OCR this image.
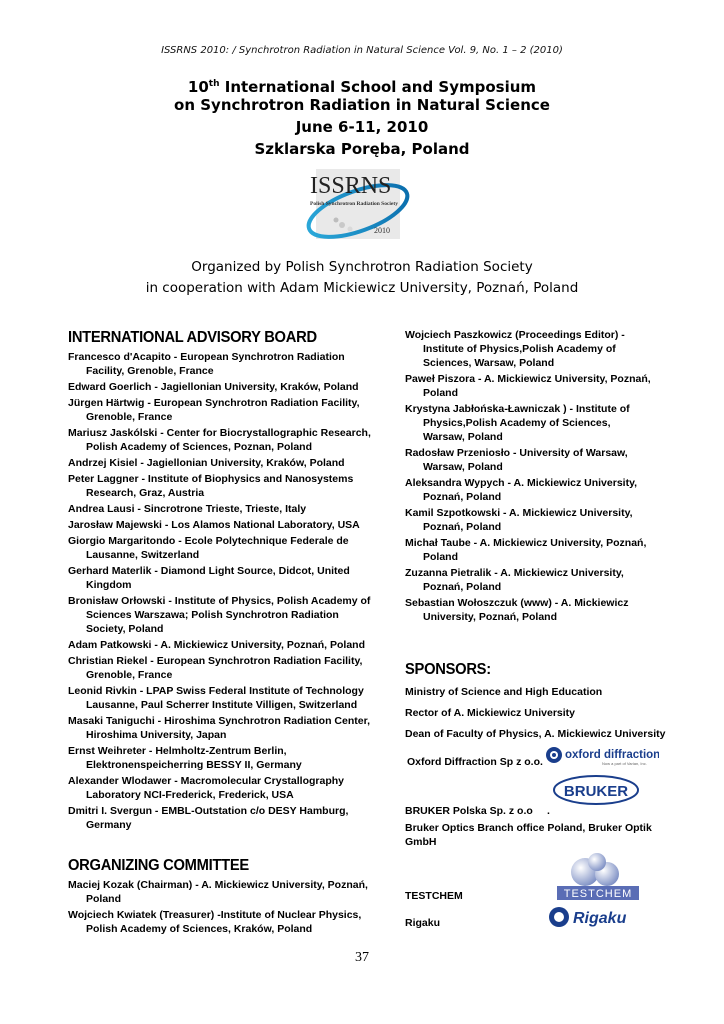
ISSRNS 2010: / Synchrotron Radiation in Natural Science Vol. 9, No. 1 – 2 (2010)
10th International School and Symposium
on Synchrotron Radiation in Natural Science
June 6-11, 2010
Szklarska Poręba, Poland
ISSRNS
Polish Synchrotron Radiation Society
2010
Organized by Polish Synchrotron Radiation Society
in cooperation with Adam Mickiewicz University, Poznań, Poland
INTERNATIONAL ADVISORY BOARD
Francesco d'Acapito - European Synchrotron Radiation Facility, Grenoble, France
Edward Goerlich - Jagiellonian University, Kraków, Poland
Jürgen Härtwig - European Synchrotron Radiation Facility, Grenoble, France
Mariusz Jaskólski - Center for Biocrystallographic Research, Polish Academy of Sciences, Poznan, Poland
Andrzej Kisiel - Jagiellonian University, Kraków, Poland
Peter Laggner - Institute of Biophysics and Nanosystems Research, Graz, Austria
Andrea Lausi - Sincrotrone Trieste, Trieste, Italy
Jarosław Majewski - Los Alamos National Laboratory, USA
Giorgio Margaritondo - Ecole Polytechnique Federale de Lausanne, Switzerland
Gerhard Materlik - Diamond Light Source, Didcot, United Kingdom
Bronisław Orłowski - Institute of Physics, Polish Academy of Sciences Warszawa; Polish Synchrotron Radiation Society, Poland
Adam Patkowski - A. Mickiewicz University, Poznań, Poland
Christian Riekel - European Synchrotron Radiation Facility, Grenoble, France
Leonid Rivkin - LPAP Swiss Federal Institute of Technology Lausanne, Paul Scherrer Institute Villigen, Switzerland
Masaki Taniguchi - Hiroshima Synchrotron Radiation Center, Hiroshima University, Japan
Ernst Weihreter - Helmholtz-Zentrum Berlin, Elektronenspeicherring BESSY II, Germany
Alexander Wlodawer - Macromolecular Crystallography Laboratory NCI-Frederick, Frederick, USA
Dmitri I. Svergun - EMBL-Outstation c/o DESY Hamburg, Germany
ORGANIZING COMMITTEE
Maciej Kozak (Chairman) - A. Mickiewicz University, Poznań, Poland
Wojciech Kwiatek (Treasurer) -Institute of Nuclear Physics, Polish Academy of Sciences, Kraków, Poland
Wojciech Paszkowicz (Proceedings Editor) - Institute of Physics,Polish Academy of Sciences, Warsaw, Poland
Paweł Piszora - A. Mickiewicz University, Poznań, Poland
Krystyna Jabłońska-Ławniczak ) - Institute of Physics,Polish Academy of Sciences, Warsaw, Poland
Radosław Przeniosło - University of Warsaw, Warsaw, Poland
Aleksandra Wypych - A. Mickiewicz University, Poznań, Poland
Kamil Szpotkowski - A. Mickiewicz University, Poznań, Poland
Michał Taube - A. Mickiewicz University, Poznań, Poland
Zuzanna Pietralik - A. Mickiewicz University, Poznań, Poland
Sebastian Wołoszczuk (www) - A. Mickiewicz University, Poznań, Poland
SPONSORS:
Ministry of Science and High Education
Rector of A. Mickiewicz University
Dean of Faculty of Physics, A. Mickiewicz University
Oxford Diffraction Sp z o.o.
oxford diffraction
Now a part of Varian, Inc.
BRUKER
BRUKER Polska Sp. z o.o .
Bruker Optics Branch office Poland, Bruker Optik GmbH
TESTCHEM
TESTCHEM
Rigaku
Rigaku
37
